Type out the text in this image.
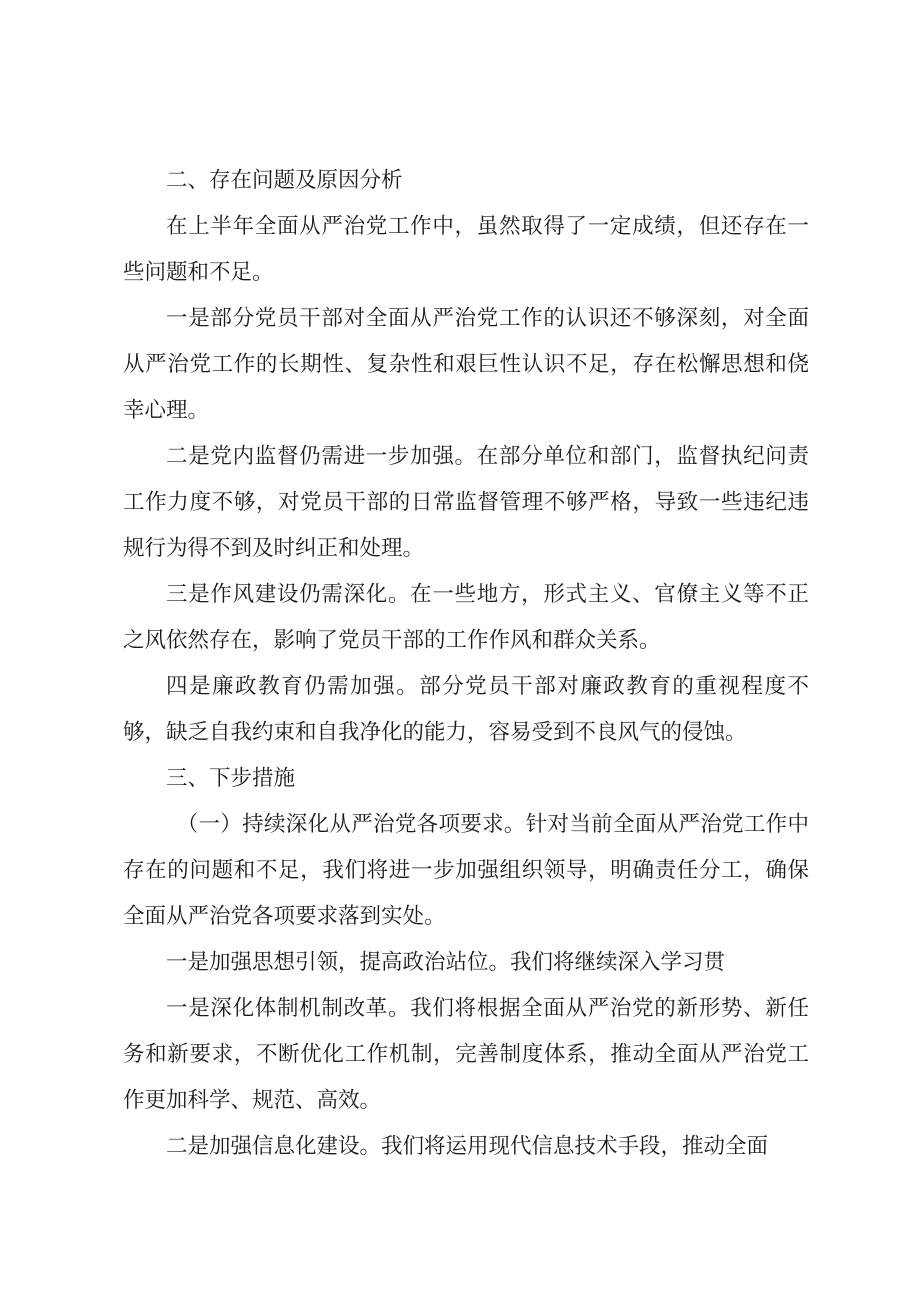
二、存在问题及原因分析

在上半年全面从严治党工作中，虽然取得了一定成绩，但还存在一些问题和不足。

一是部分党员干部对全面从严治党工作的认识还不够深刻，对全面从严治党工作的长期性、复杂性和艰巨性认识不足，存在松懈思想和侥幸心理。

二是党内监督仍需进一步加强。在部分单位和部门，监督执纪问责工作力度不够，对党员干部的日常监督管理不够严格，导致一些违纪违规行为得不到及时纠正和处理。

三是作风建设仍需深化。在一些地方，形式主义、官僚主义等不正之风依然存在，影响了党员干部的工作作风和群众关系。

四是廉政教育仍需加强。部分党员干部对廉政教育的重视程度不够，缺乏自我约束和自我净化的能力，容易受到不良风气的侵蚀。

三、下步措施

（一）持续深化从严治党各项要求。针对当前全面从严治党工作中存在的问题和不足，我们将进一步加强组织领导，明确责任分工，确保全面从严治党各项要求落到实处。

一是加强思想引领，提高政治站位。我们将继续深入学习贯

一是深化体制机制改革。我们将根据全面从严治党的新形势、新任务和新要求，不断优化工作机制，完善制度体系，推动全面从严治党工作更加科学、规范、高效。

二是加强信息化建设。我们将运用现代信息技术手段，推动全面
